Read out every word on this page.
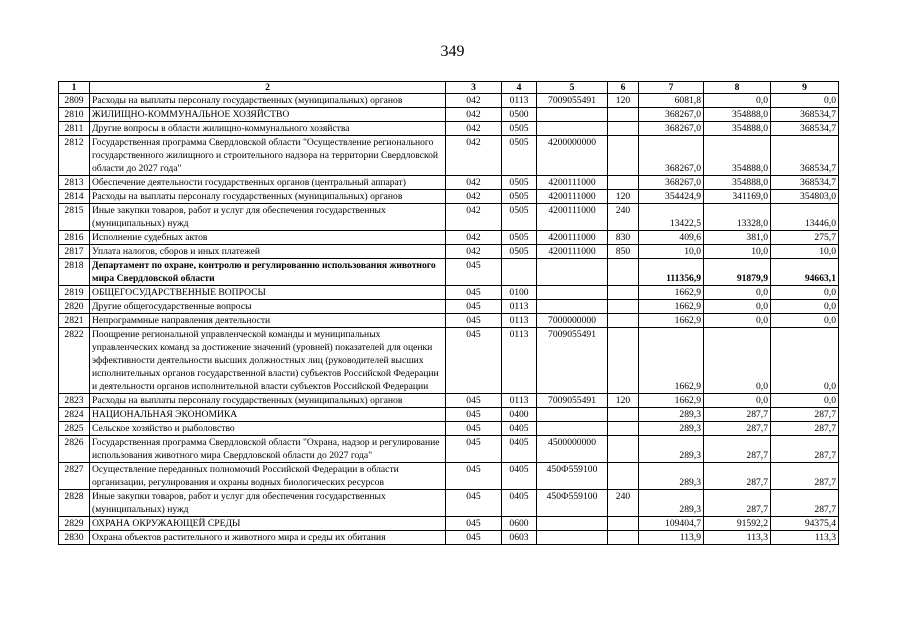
349
1	2	3	4	5	6	7	8	9
2809	Расходы на выплаты персоналу государственных (муниципальных) органов	042	0113	7009055491	120	6081,8	0,0	0,0
2810	ЖИЛИЩНО-КОММУНАЛЬНОЕ ХОЗЯЙСТВО	042	0500			368267,0	354888,0	368534,7
2811	Другие вопросы в области жилищно-коммунального хозяйства	042	0505			368267,0	354888,0	368534,7
2812	Государственная программа Свердловской области "Осуществление регионального государственного жилищного и строительного надзора на территории Свердловской области до 2027 года"	042	0505	4200000000		368267,0	354888,0	368534,7
2813	Обеспечение деятельности государственных органов (центральный аппарат)	042	0505	4200111000		368267,0	354888,0	368534,7
2814	Расходы на выплаты персоналу государственных (муниципальных) органов	042	0505	4200111000	120	354424,9	341169,0	354803,0
2815	Иные закупки товаров, работ и услуг для обеспечения государственных (муниципальных) нужд	042	0505	4200111000	240	13422,5	13328,0	13446,0
2816	Исполнение судебных актов	042	0505	4200111000	830	409,6	381,0	275,7
2817	Уплата налогов, сборов и иных платежей	042	0505	4200111000	850	10,0	10,0	10,0
2818	Департамент по охране, контролю и регулированию использования животного мира Свердловской области	045				111356,9	91879,9	94663,1
2819	ОБЩЕГОСУДАРСТВЕННЫЕ ВОПРОСЫ	045	0100			1662,9	0,0	0,0
2820	Другие общегосударственные вопросы	045	0113			1662,9	0,0	0,0
2821	Непрограммные направления деятельности	045	0113	7000000000		1662,9	0,0	0,0
2822	Поощрение региональной управленческой команды и муниципальных управленческих команд за достижение значений (уровней) показателей для оценки эффективности деятельности высших должностных лиц (руководителей высших исполнительных органов государственной власти) субъектов Российской Федерации и деятельности органов исполнительной власти субъектов Российской Федерации	045	0113	7009055491		1662,9	0,0	0,0
2823	Расходы на выплаты персоналу государственных (муниципальных) органов	045	0113	7009055491	120	1662,9	0,0	0,0
2824	НАЦИОНАЛЬНАЯ ЭКОНОМИКА	045	0400			289,3	287,7	287,7
2825	Сельское хозяйство и рыболовство	045	0405			289,3	287,7	287,7
2826	Государственная программа Свердловской области "Охрана, надзор и регулирование использования животного мира Свердловской области до 2027 года"	045	0405	4500000000		289,3	287,7	287,7
2827	Осуществление переданных полномочий Российской Федерации в области организации, регулирования и охраны водных биологических ресурсов	045	0405	450Ф559100		289,3	287,7	287,7
2828	Иные закупки товаров, работ и услуг для обеспечения государственных (муниципальных) нужд	045	0405	450Ф559100	240	289,3	287,7	287,7
2829	ОХРАНА ОКРУЖАЮЩЕЙ СРЕДЫ	045	0600			109404,7	91592,2	94375,4
2830	Охрана объектов растительного и животного мира и среды их обитания	045	0603			113,9	113,3	113,3
